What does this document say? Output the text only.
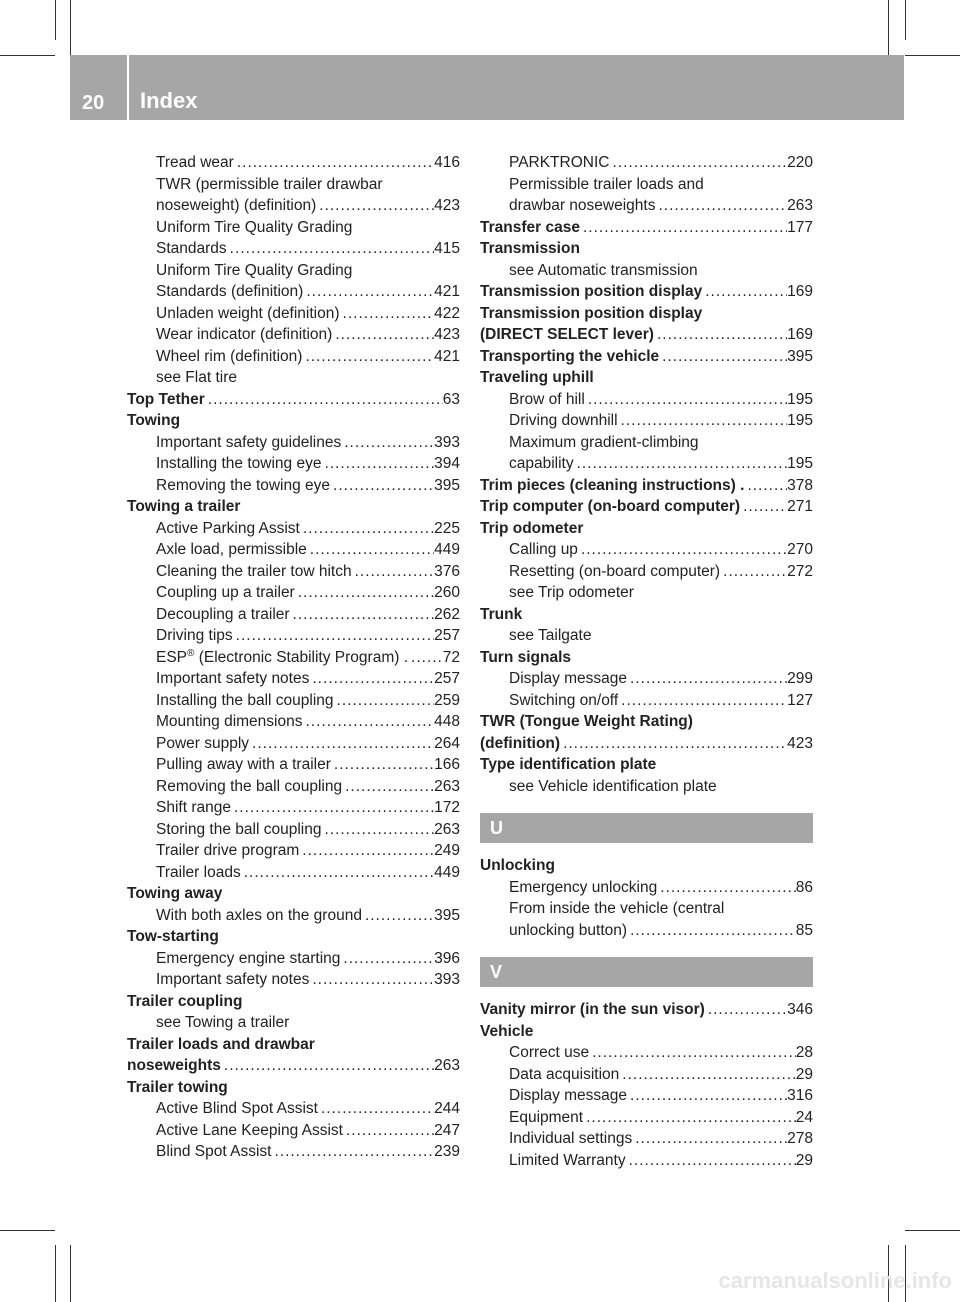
20 Index
Tread wear .....	416
TWR (permissible trailer drawbar
noseweight) (definition) .....	423
Uniform Tire Quality Grading
Standards .....	415
Uniform Tire Quality Grading
Standards (definition) .....	421
Unladen weight (definition) .....	422
Wear indicator (definition) .....	423
Wheel rim (definition) .....	421
see Flat tire
Top Tether .....	63
Towing
Important safety guidelines .....	393
Installing the towing eye .....	394
Removing the towing eye .....	395
Towing a trailer
Active Parking Assist .....	225
Axle load, permissible .....	449
Cleaning the trailer tow hitch .....	376
Coupling up a trailer .....	260
Decoupling a trailer .....	262
Driving tips .....	257
ESP® (Electronic Stability Program) . ..... 72
Important safety notes .....	257
Installing the ball coupling .....	259
Mounting dimensions .....	448
Power supply .....	264
Pulling away with a trailer .....	166
Removing the ball coupling .....	263
Shift range .....	172
Storing the ball coupling .....	263
Trailer drive program .....	249
Trailer loads .....	449
Towing away
With both axles on the ground .....	395
Tow-starting
Emergency engine starting .....	396
Important safety notes .....	393
Trailer coupling
see Towing a trailer
Trailer loads and drawbar
noseweights .....	263
Trailer towing
Active Blind Spot Assist .....	244
Active Lane Keeping Assist .....	247
Blind Spot Assist .....	239
PARKTRONIC .....	220
Permissible trailer loads and
drawbar noseweights .....	263
Transfer case .....	177
Transmission
see Automatic transmission
Transmission position display .....	169
Transmission position display
(DIRECT SELECT lever) .....	169
Transporting the vehicle .....	395
Traveling uphill
Brow of hill .....	195
Driving downhill .....	195
Maximum gradient-climbing
capability .....	195
Trim pieces (cleaning instructions) . .....	378
Trip computer (on-board computer) .....	271
Trip odometer
Calling up .....	270
Resetting (on-board computer) .....	272
see Trip odometer
Trunk
see Tailgate
Turn signals
Display message .....	299
Switching on/off .....	127
TWR (Tongue Weight Rating)
(definition) .....	423
Type identification plate
see Vehicle identification plate
U
Unlocking
Emergency unlocking .....	86
From inside the vehicle (central
unlocking button) .....	85
V
Vanity mirror (in the sun visor) .....	346
Vehicle
Correct use .....	28
Data acquisition .....	29
Display message .....	316
Equipment .....	24
Individual settings .....	278
Limited Warranty .....	29
carmanualsonline.info
